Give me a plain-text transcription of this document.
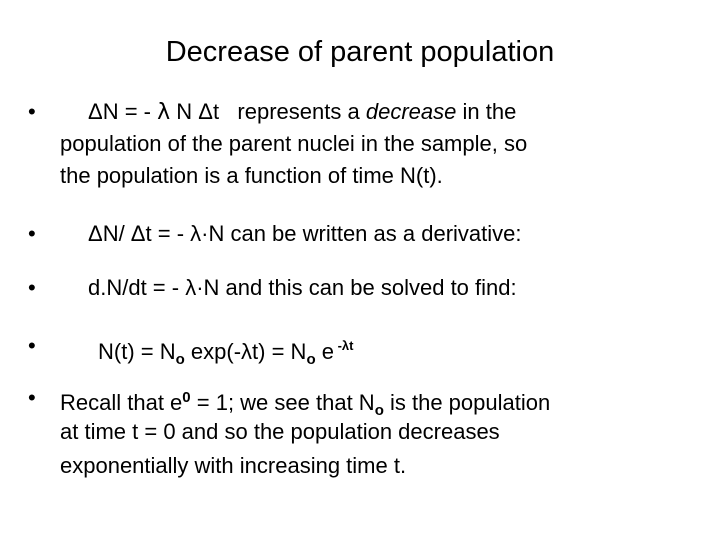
Decrease of parent population
•	ΔN = - λ N Δt represents a decrease in the
population of the parent nuclei in the sample, so
the population is a function of time N(t).
•	ΔN/ Δt = - λ·N can be written as a derivative:
•	d.N/dt = - λ·N and this can be solved to find:
•	$N(t) = N_o$ $\exp(-\lambda t) = N_o$ e $^{-\lambda t}$
•	Recall that $e^0 = 1$; we see that $N_o$ is the population
at time t = 0 and so the population decreases
exponentially with increasing time t.
